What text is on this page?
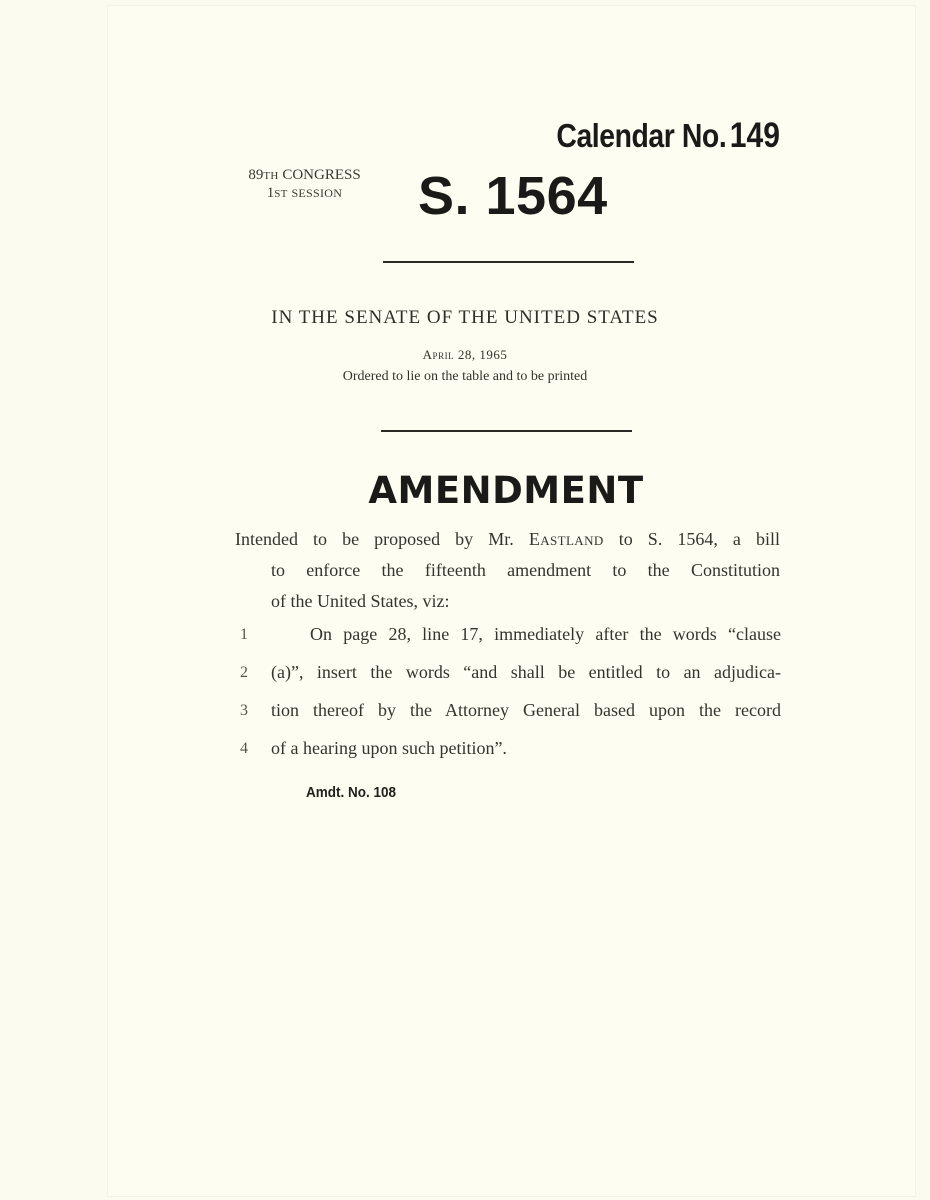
Calendar No.149
89TH CONGRESS
1ST SESSION	S. 1564
IN THE SENATE OF THE UNITED STATES
April 28, 1965
Ordered to lie on the table and to be printed
AMENDMENT
Intended to be proposed by Mr. Eastland to S. 1564, a bill
to enforce the fifteenth amendment to the Constitution
of the United States, viz:
1	On page 28, line 17, immediately after the words “clause
2 (a)”, insert the words “and shall be entitled to an adjudica-
3 tion thereof by the Attorney General based upon the record
4 of a hearing upon such petition”.
Amdt. No. 108
